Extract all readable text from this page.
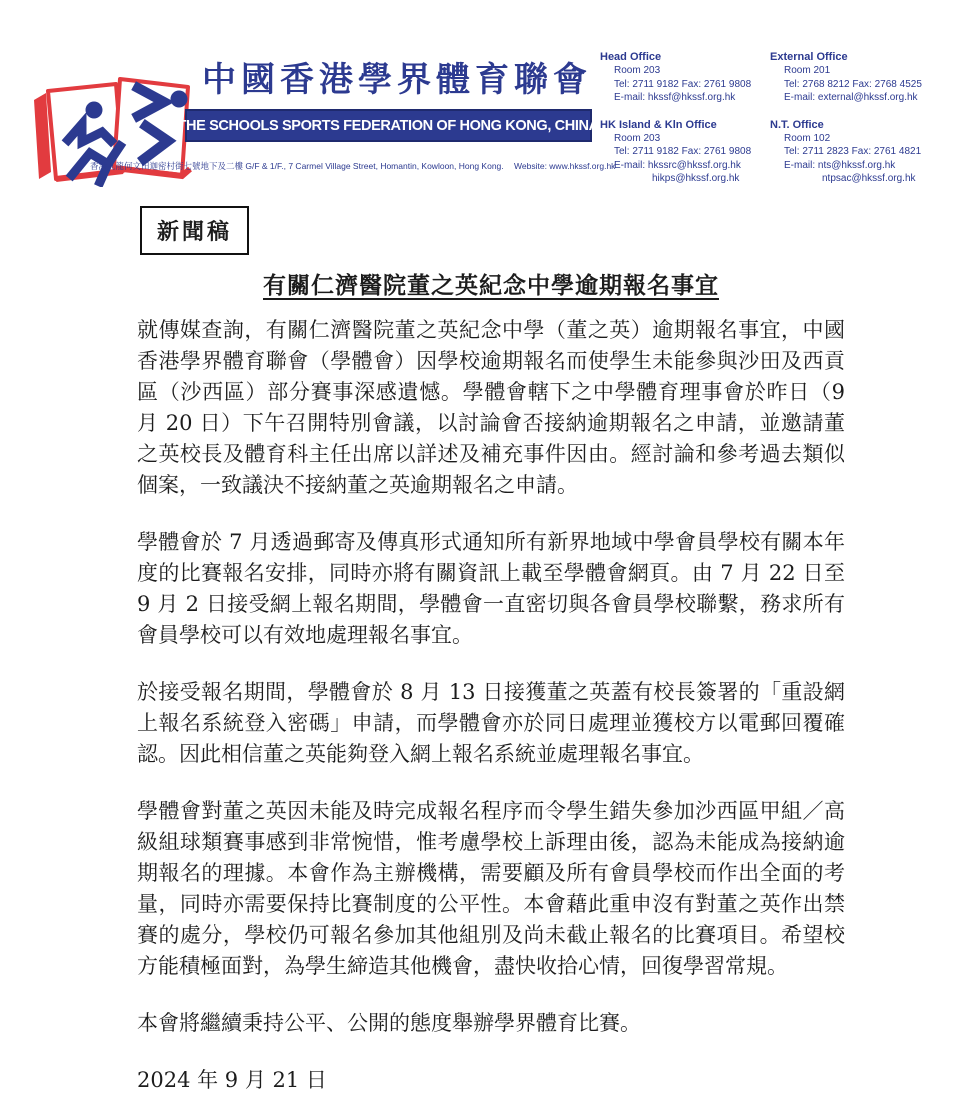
中國香港學界體育聯會
THE SCHOOLS SPORTS FEDERATION OF HONG KONG, CHINA
香港九龍何文田迦密村街七號地下及二樓 G/F & 1/F., 7 Carmel Village Street, Homantin, Kowloon, Hong Kong. Website: www.hkssf.org.hk
Head Office
Room 203
Tel: 2711 9182 Fax: 2761 9808
E-mail: hkssf@hkssf.org.hk
External Office
Room 201
Tel: 2768 8212 Fax: 2768 4525
E-mail: external@hkssf.org.hk
HK Island & Kln Office
Room 203
Tel: 2711 9182 Fax: 2761 9808
E-mail: hkssrc@hkssf.org.hk
hikps@hkssf.org.hk
N.T. Office
Room 102
Tel: 2711 2823 Fax: 2761 4821
E-mail: nts@hkssf.org.hk
ntpsac@hkssf.org.hk
新聞稿
有關仁濟醫院董之英紀念中學逾期報名事宜

就傳媒查詢，有關仁濟醫院董之英紀念中學（董之英）逾期報名事宜，中國香港學界體育聯會（學體會）因學校逾期報名而使學生未能參與沙田及西貢區（沙西區）部分賽事深感遺憾。學體會轄下之中學體育理事會於昨日（9 月 20 日）下午召開特別會議，以討論會否接納逾期報名之申請，並邀請董之英校長及體育科主任出席以詳述及補充事件因由。經討論和參考過去類似個案，一致議決不接納董之英逾期報名之申請。

學體會於 7 月透過郵寄及傳真形式通知所有新界地域中學會員學校有關本年度的比賽報名安排，同時亦將有關資訊上載至學體會網頁。由 7 月 22 日至 9 月 2 日接受網上報名期間，學體會一直密切與各會員學校聯繫，務求所有會員學校可以有效地處理報名事宜。

於接受報名期間，學體會於 8 月 13 日接獲董之英蓋有校長簽署的「重設網上報名系統登入密碼」申請，而學體會亦於同日處理並獲校方以電郵回覆確認。因此相信董之英能夠登入網上報名系統並處理報名事宜。

學體會對董之英因未能及時完成報名程序而令學生錯失參加沙西區甲組／高級組球類賽事感到非常惋惜，惟考慮學校上訴理由後，認為未能成為接納逾期報名的理據。本會作為主辦機構，需要顧及所有會員學校而作出全面的考量，同時亦需要保持比賽制度的公平性。本會藉此重申沒有對董之英作出禁賽的處分，學校仍可報名參加其他組別及尚未截止報名的比賽項目。希望校方能積極面對，為學生締造其他機會，盡快收拾心情，回復學習常規。

本會將繼續秉持公平、公開的態度舉辦學界體育比賽。

2024 年 9 月 21 日
